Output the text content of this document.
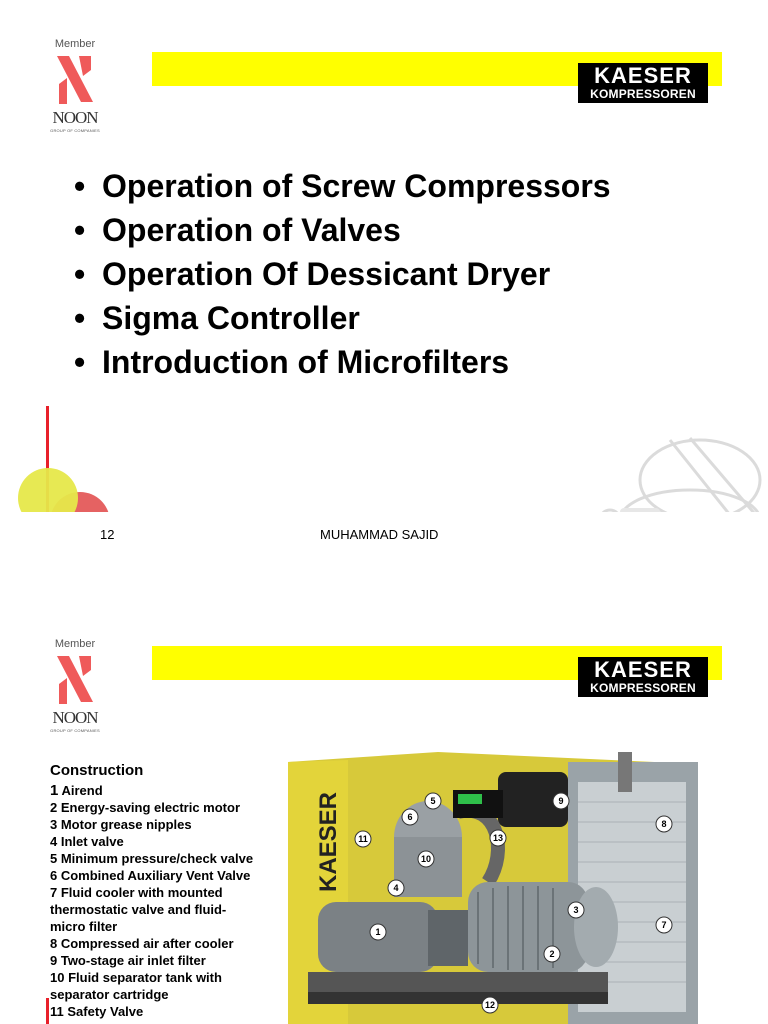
Member
NOON
GROUP OF COMPANIES
KAESER
KOMPRESSOREN
• Operation of Screw Compressors
• Operation of Valves
• Operation Of Dessicant Dryer
• Sigma Controller
• Introduction of Microfilters
12	MUHAMMAD SAJID
Member
NOON
GROUP OF COMPANIES
KAESER
KOMPRESSOREN
Construction
1 Airend
2 Energy-saving electric motor
3 Motor grease nipples
4 Inlet valve
5 Minimum pressure/check valve
6 Combined Auxiliary Vent Valve
7 Fluid cooler with mounted
thermostatic valve and fluid-
micro filter
8 Compressed air after cooler
9 Two-stage air inlet filter
10 Fluid separator tank with
separator cartridge
11 Safety Valve
KAESER
1
2
3
4
5
6
7
8
9
10
11
12
13
